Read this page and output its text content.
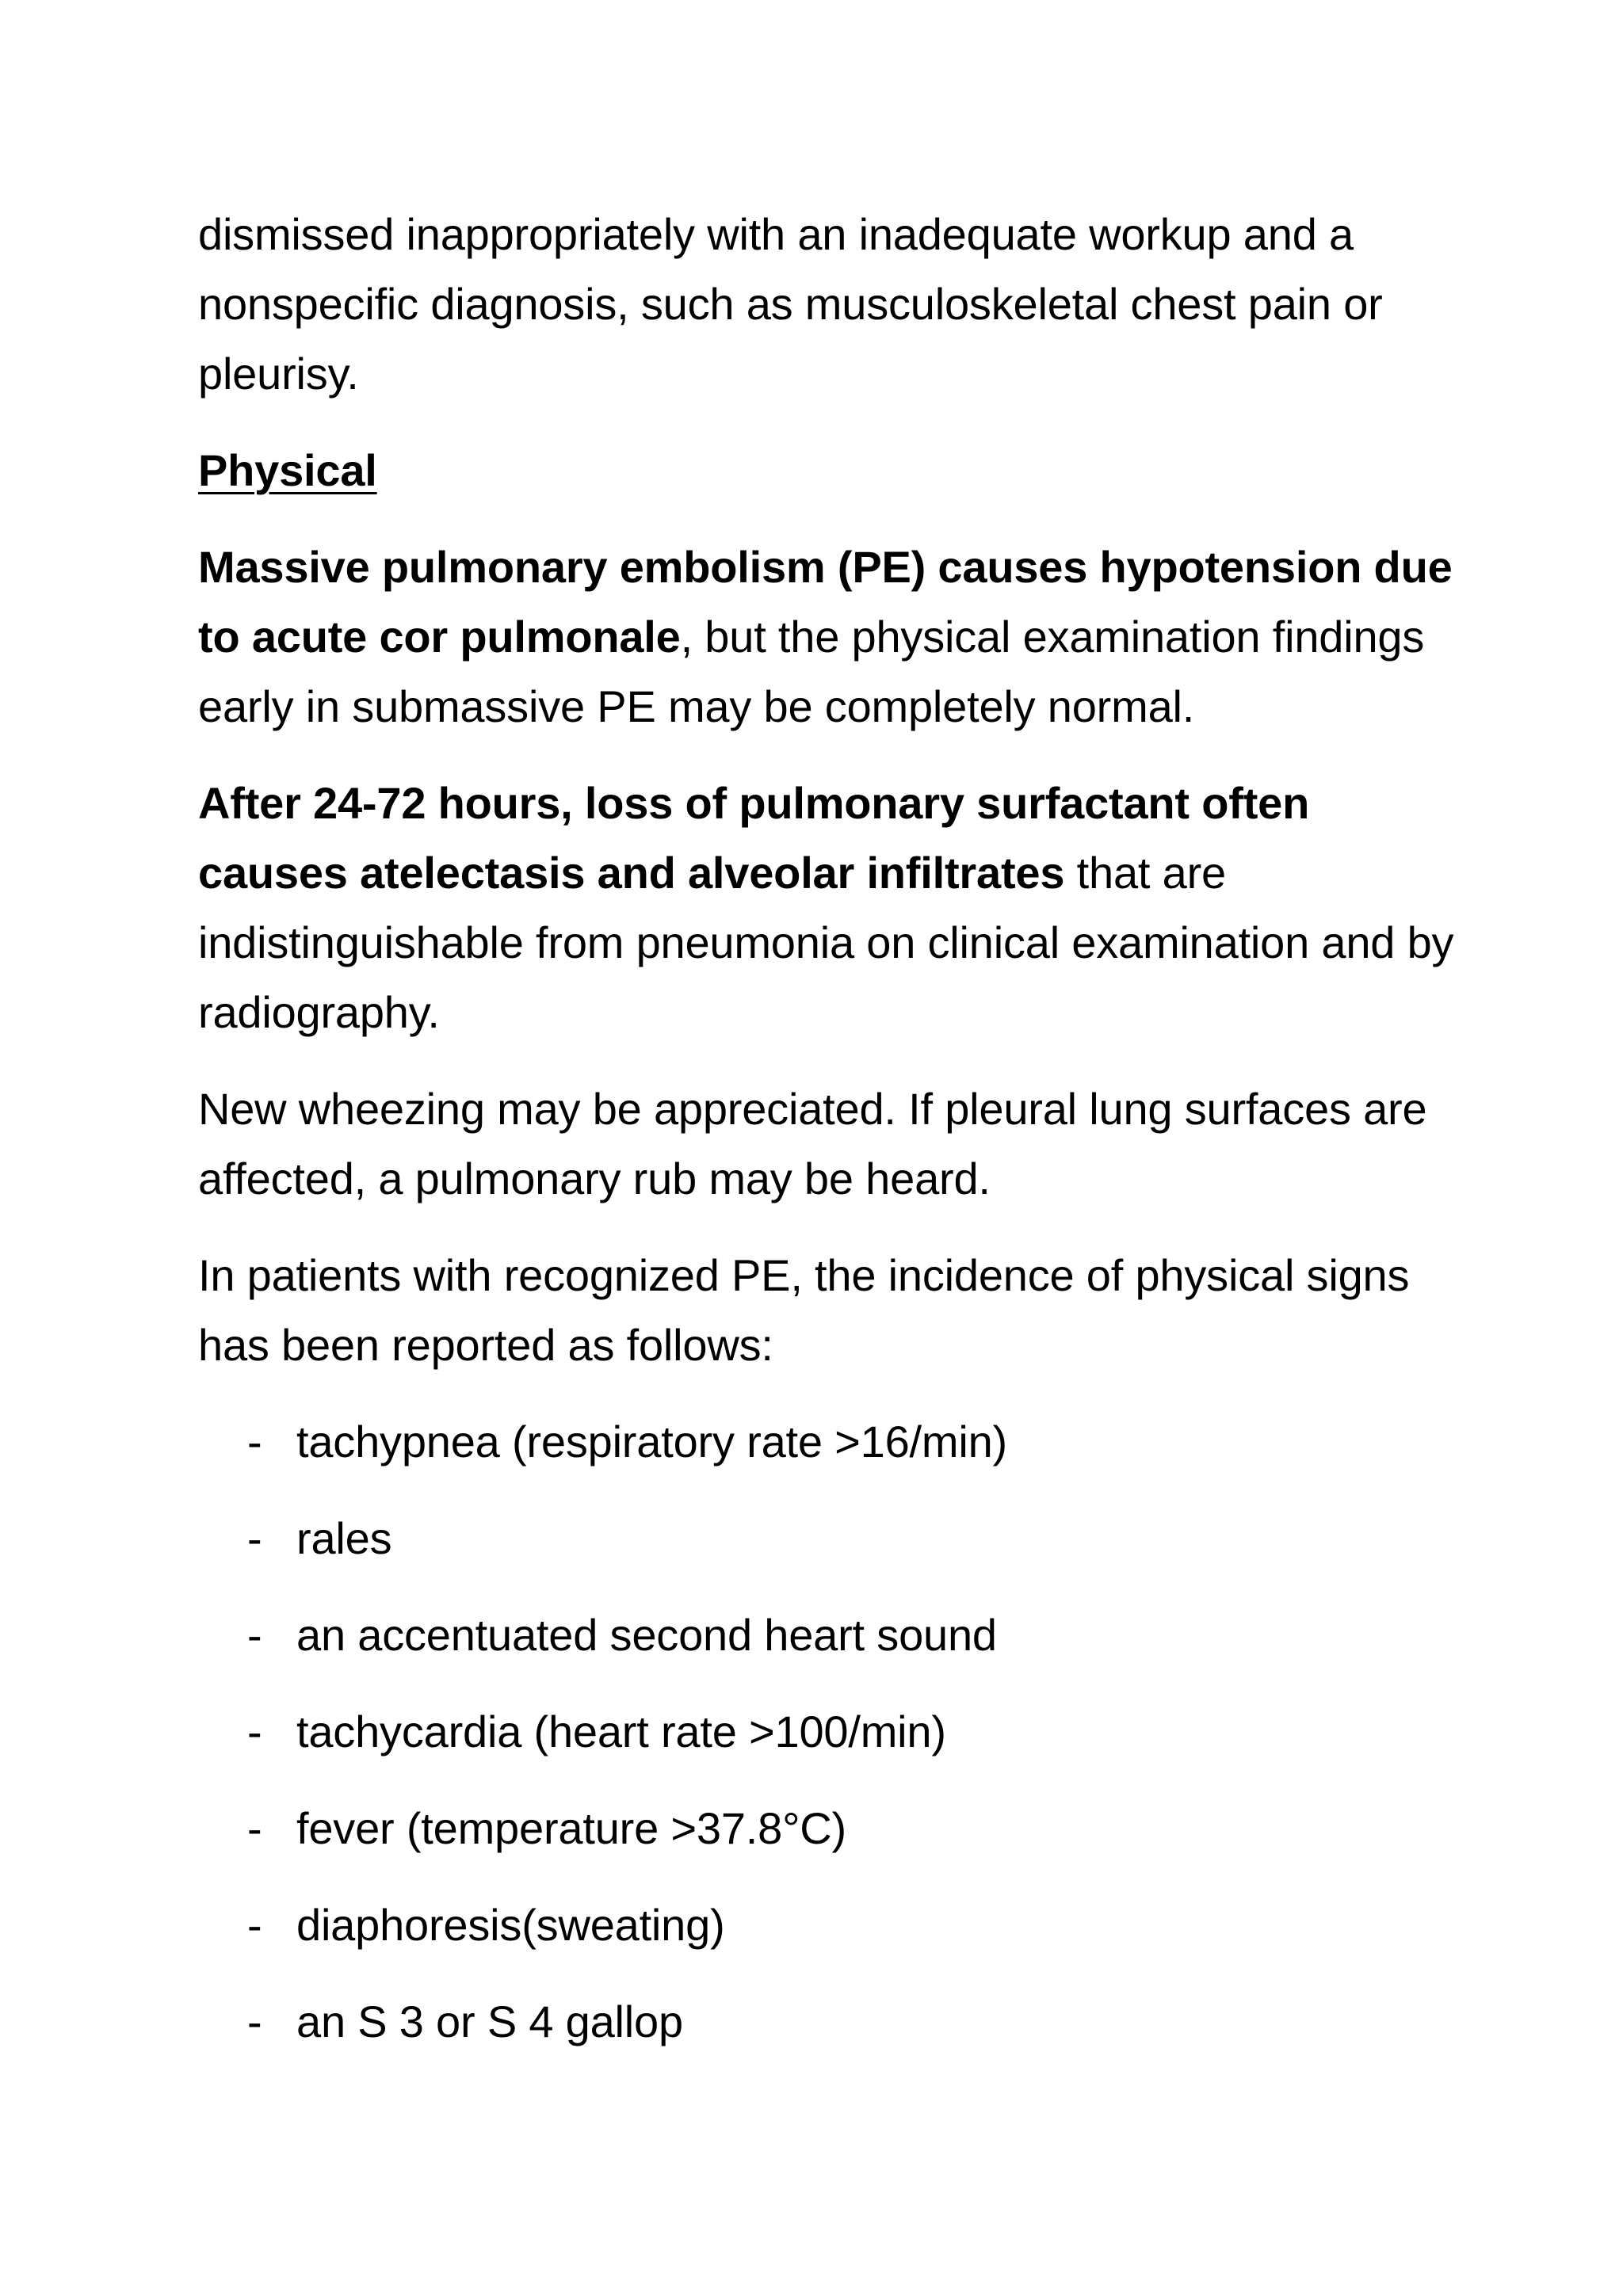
dismissed inappropriately with an inadequate workup and a nonspecific diagnosis, such as musculoskeletal chest pain or pleurisy.

Physical

Massive pulmonary embolism (PE) causes hypotension due to acute cor pulmonale, but the physical examination findings early in submassive PE may be completely normal.

After 24-72 hours, loss of pulmonary surfactant often causes atelectasis and alveolar infiltrates that are indistinguishable from pneumonia on clinical examination and by radiography.

New wheezing may be appreciated. If pleural lung surfaces are affected, a pulmonary rub may be heard.

In patients with recognized PE, the incidence of physical signs has been reported as follows:

- tachypnea (respiratory rate >16/min)
- rales
- an accentuated second heart sound
- tachycardia (heart rate >100/min)
- fever (temperature >37.8°C)
- diaphoresis(sweating)
- an S 3 or S 4 gallop
